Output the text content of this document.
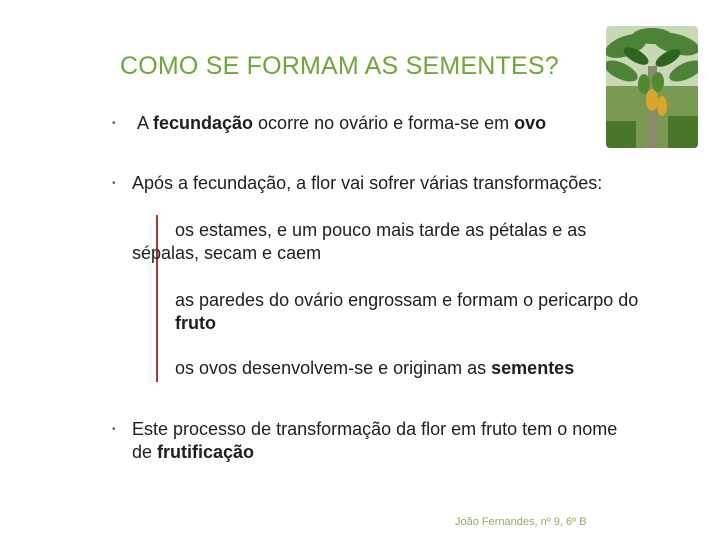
COMO SE FORMAM AS SEMENTES?
• A fecundação ocorre no ovário e forma-se em ovo
• Após a fecundação, a flor vai sofrer várias transformações:
os estames, e um pouco mais tarde as pétalas e as
sépalas, secam e caem
as paredes do ovário engrossam e formam o pericarpo do
fruto
os ovos desenvolvem-se e originam as sementes
• Este processo de transformação da flor em fruto tem o nome
de frutificação
João Fernandes, nº 9, 6º B
